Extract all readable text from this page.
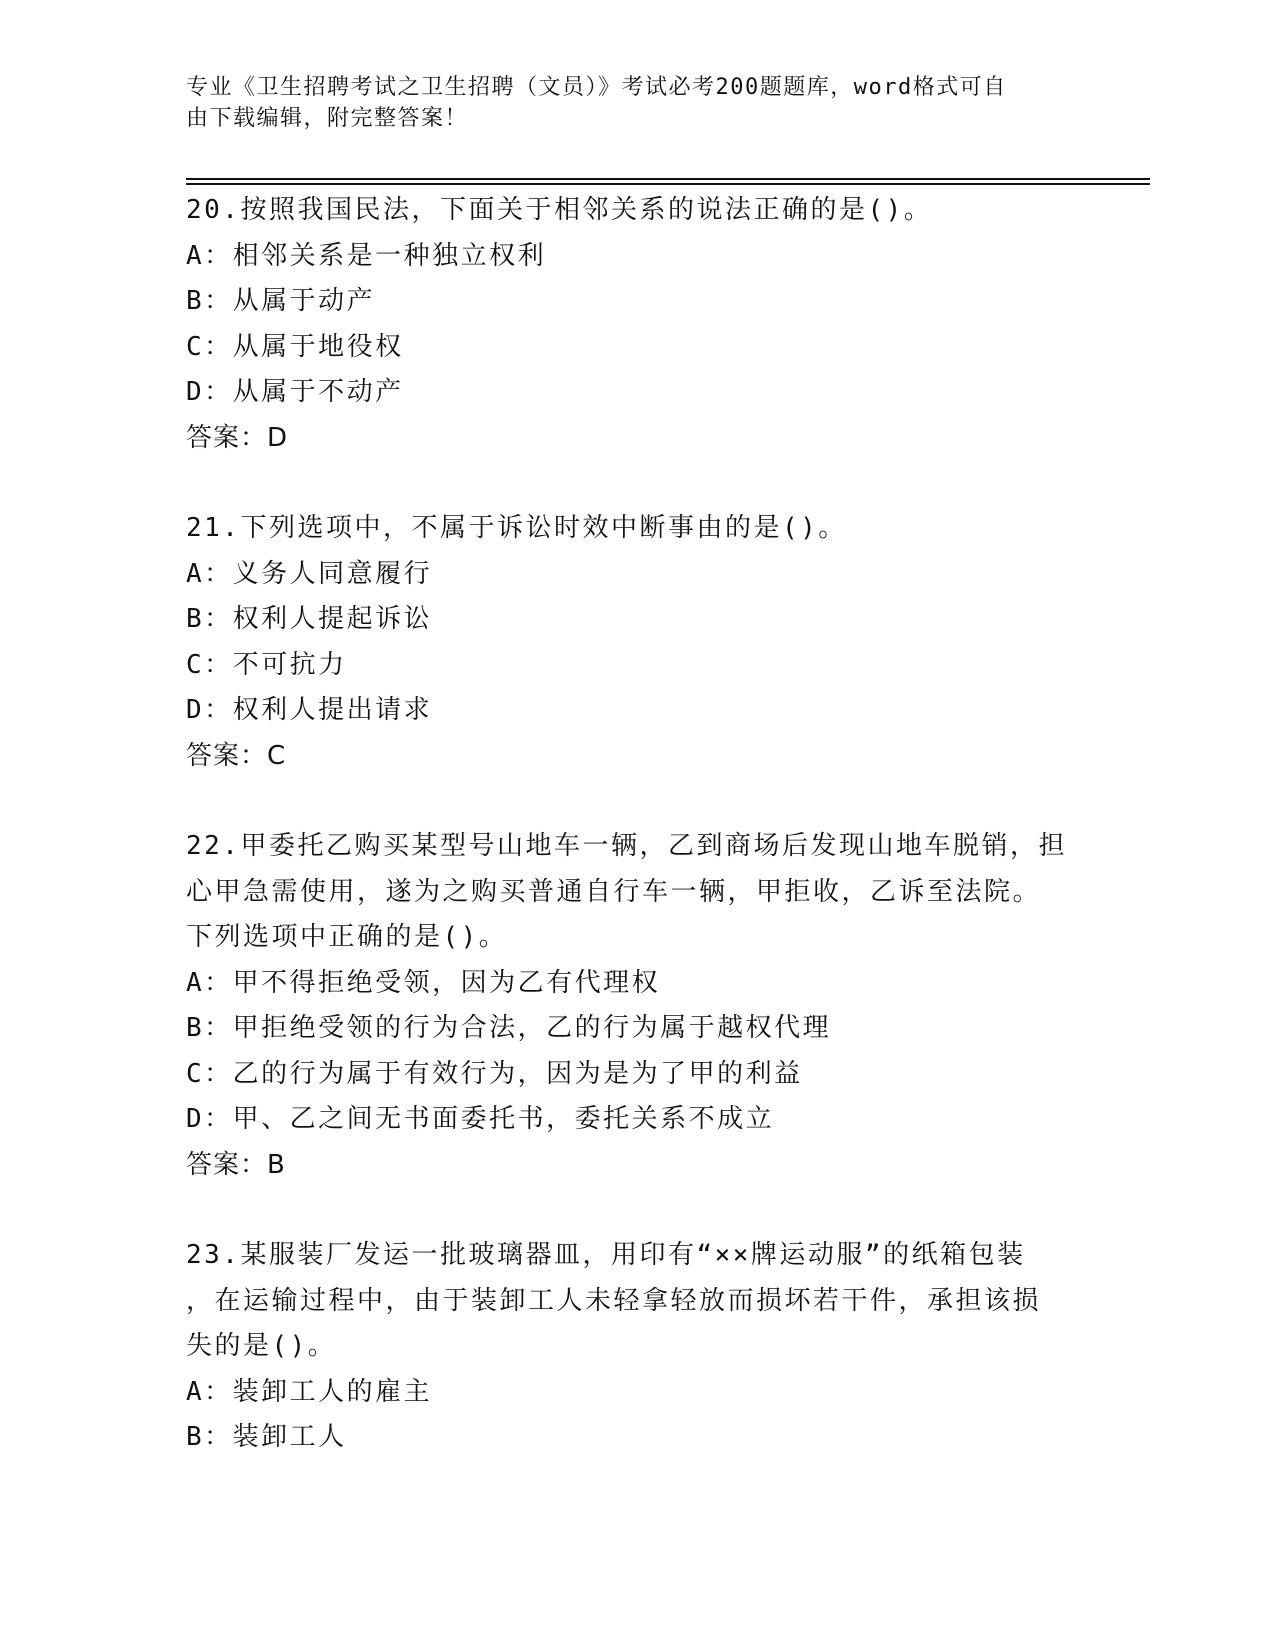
专业《卫生招聘考试之卫生招聘（文员）》考试必考200题题库，word格式可自
由下载编辑，附完整答案！
20.按照我国民法，下面关于相邻关系的说法正确的是()。
A：相邻关系是一种独立权利
B：从属于动产
C：从属于地役权
D：从属于不动产
答案：D
21.下列选项中，不属于诉讼时效中断事由的是()。
A：义务人同意履行
B：权利人提起诉讼
C：不可抗力
D：权利人提出请求
答案：C
22.甲委托乙购买某型号山地车一辆，乙到商场后发现山地车脱销，担
心甲急需使用，遂为之购买普通自行车一辆，甲拒收，乙诉至法院。
下列选项中正确的是()。
A：甲不得拒绝受领，因为乙有代理权
B：甲拒绝受领的行为合法，乙的行为属于越权代理
C：乙的行为属于有效行为，因为是为了甲的利益
D：甲、乙之间无书面委托书，委托关系不成立
答案：B
23.某服装厂发运一批玻璃器皿，用印有“××牌运动服”的纸箱包装
，在运输过程中，由于装卸工人未轻拿轻放而损坏若干件，承担该损
失的是()。
A：装卸工人的雇主
B：装卸工人
